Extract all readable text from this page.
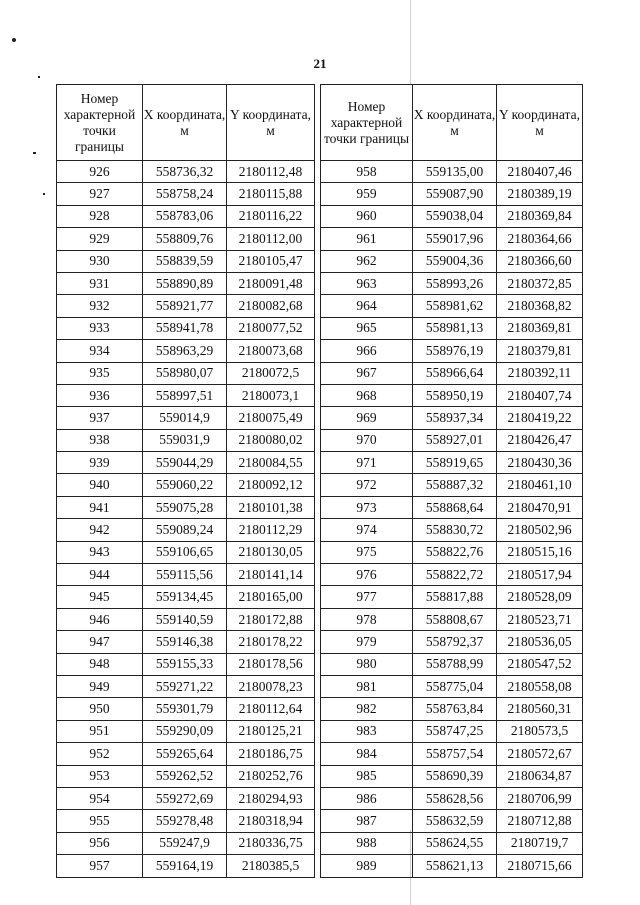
21
Номер характерной точки границы	X координата, м	Y координата, м
926	558736,32	2180112,48
927	558758,24	2180115,88
928	558783,06	2180116,22
929	558809,76	2180112,00
930	558839,59	2180105,47
931	558890,89	2180091,48
932	558921,77	2180082,68
933	558941,78	2180077,52
934	558963,29	2180073,68
935	558980,07	2180072,5
936	558997,51	2180073,1
937	559014,9	2180075,49
938	559031,9	2180080,02
939	559044,29	2180084,55
940	559060,22	2180092,12
941	559075,28	2180101,38
942	559089,24	2180112,29
943	559106,65	2180130,05
944	559115,56	2180141,14
945	559134,45	2180165,00
946	559140,59	2180172,88
947	559146,38	2180178,22
948	559155,33	2180178,56
949	559271,22	2180078,23
950	559301,79	2180112,64
951	559290,09	2180125,21
952	559265,64	2180186,75
953	559262,52	2180252,76
954	559272,69	2180294,93
955	559278,48	2180318,94
956	559247,9	2180336,75
957	559164,19	2180385,5
Номер характерной точки границы	X координата, м	Y координата, м
958	559135,00	2180407,46
959	559087,90	2180389,19
960	559038,04	2180369,84
961	559017,96	2180364,66
962	559004,36	2180366,60
963	558993,26	2180372,85
964	558981,62	2180368,82
965	558981,13	2180369,81
966	558976,19	2180379,81
967	558966,64	2180392,11
968	558950,19	2180407,74
969	558937,34	2180419,22
970	558927,01	2180426,47
971	558919,65	2180430,36
972	558887,32	2180461,10
973	558868,64	2180470,91
974	558830,72	2180502,96
975	558822,76	2180515,16
976	558822,72	2180517,94
977	558817,88	2180528,09
978	558808,67	2180523,71
979	558792,37	2180536,05
980	558788,99	2180547,52
981	558775,04	2180558,08
982	558763,84	2180560,31
983	558747,25	2180573,5
984	558757,54	2180572,67
985	558690,39	2180634,87
986	558628,56	2180706,99
987	558632,59	2180712,88
988	558624,55	2180719,7
989	558621,13	2180715,66
